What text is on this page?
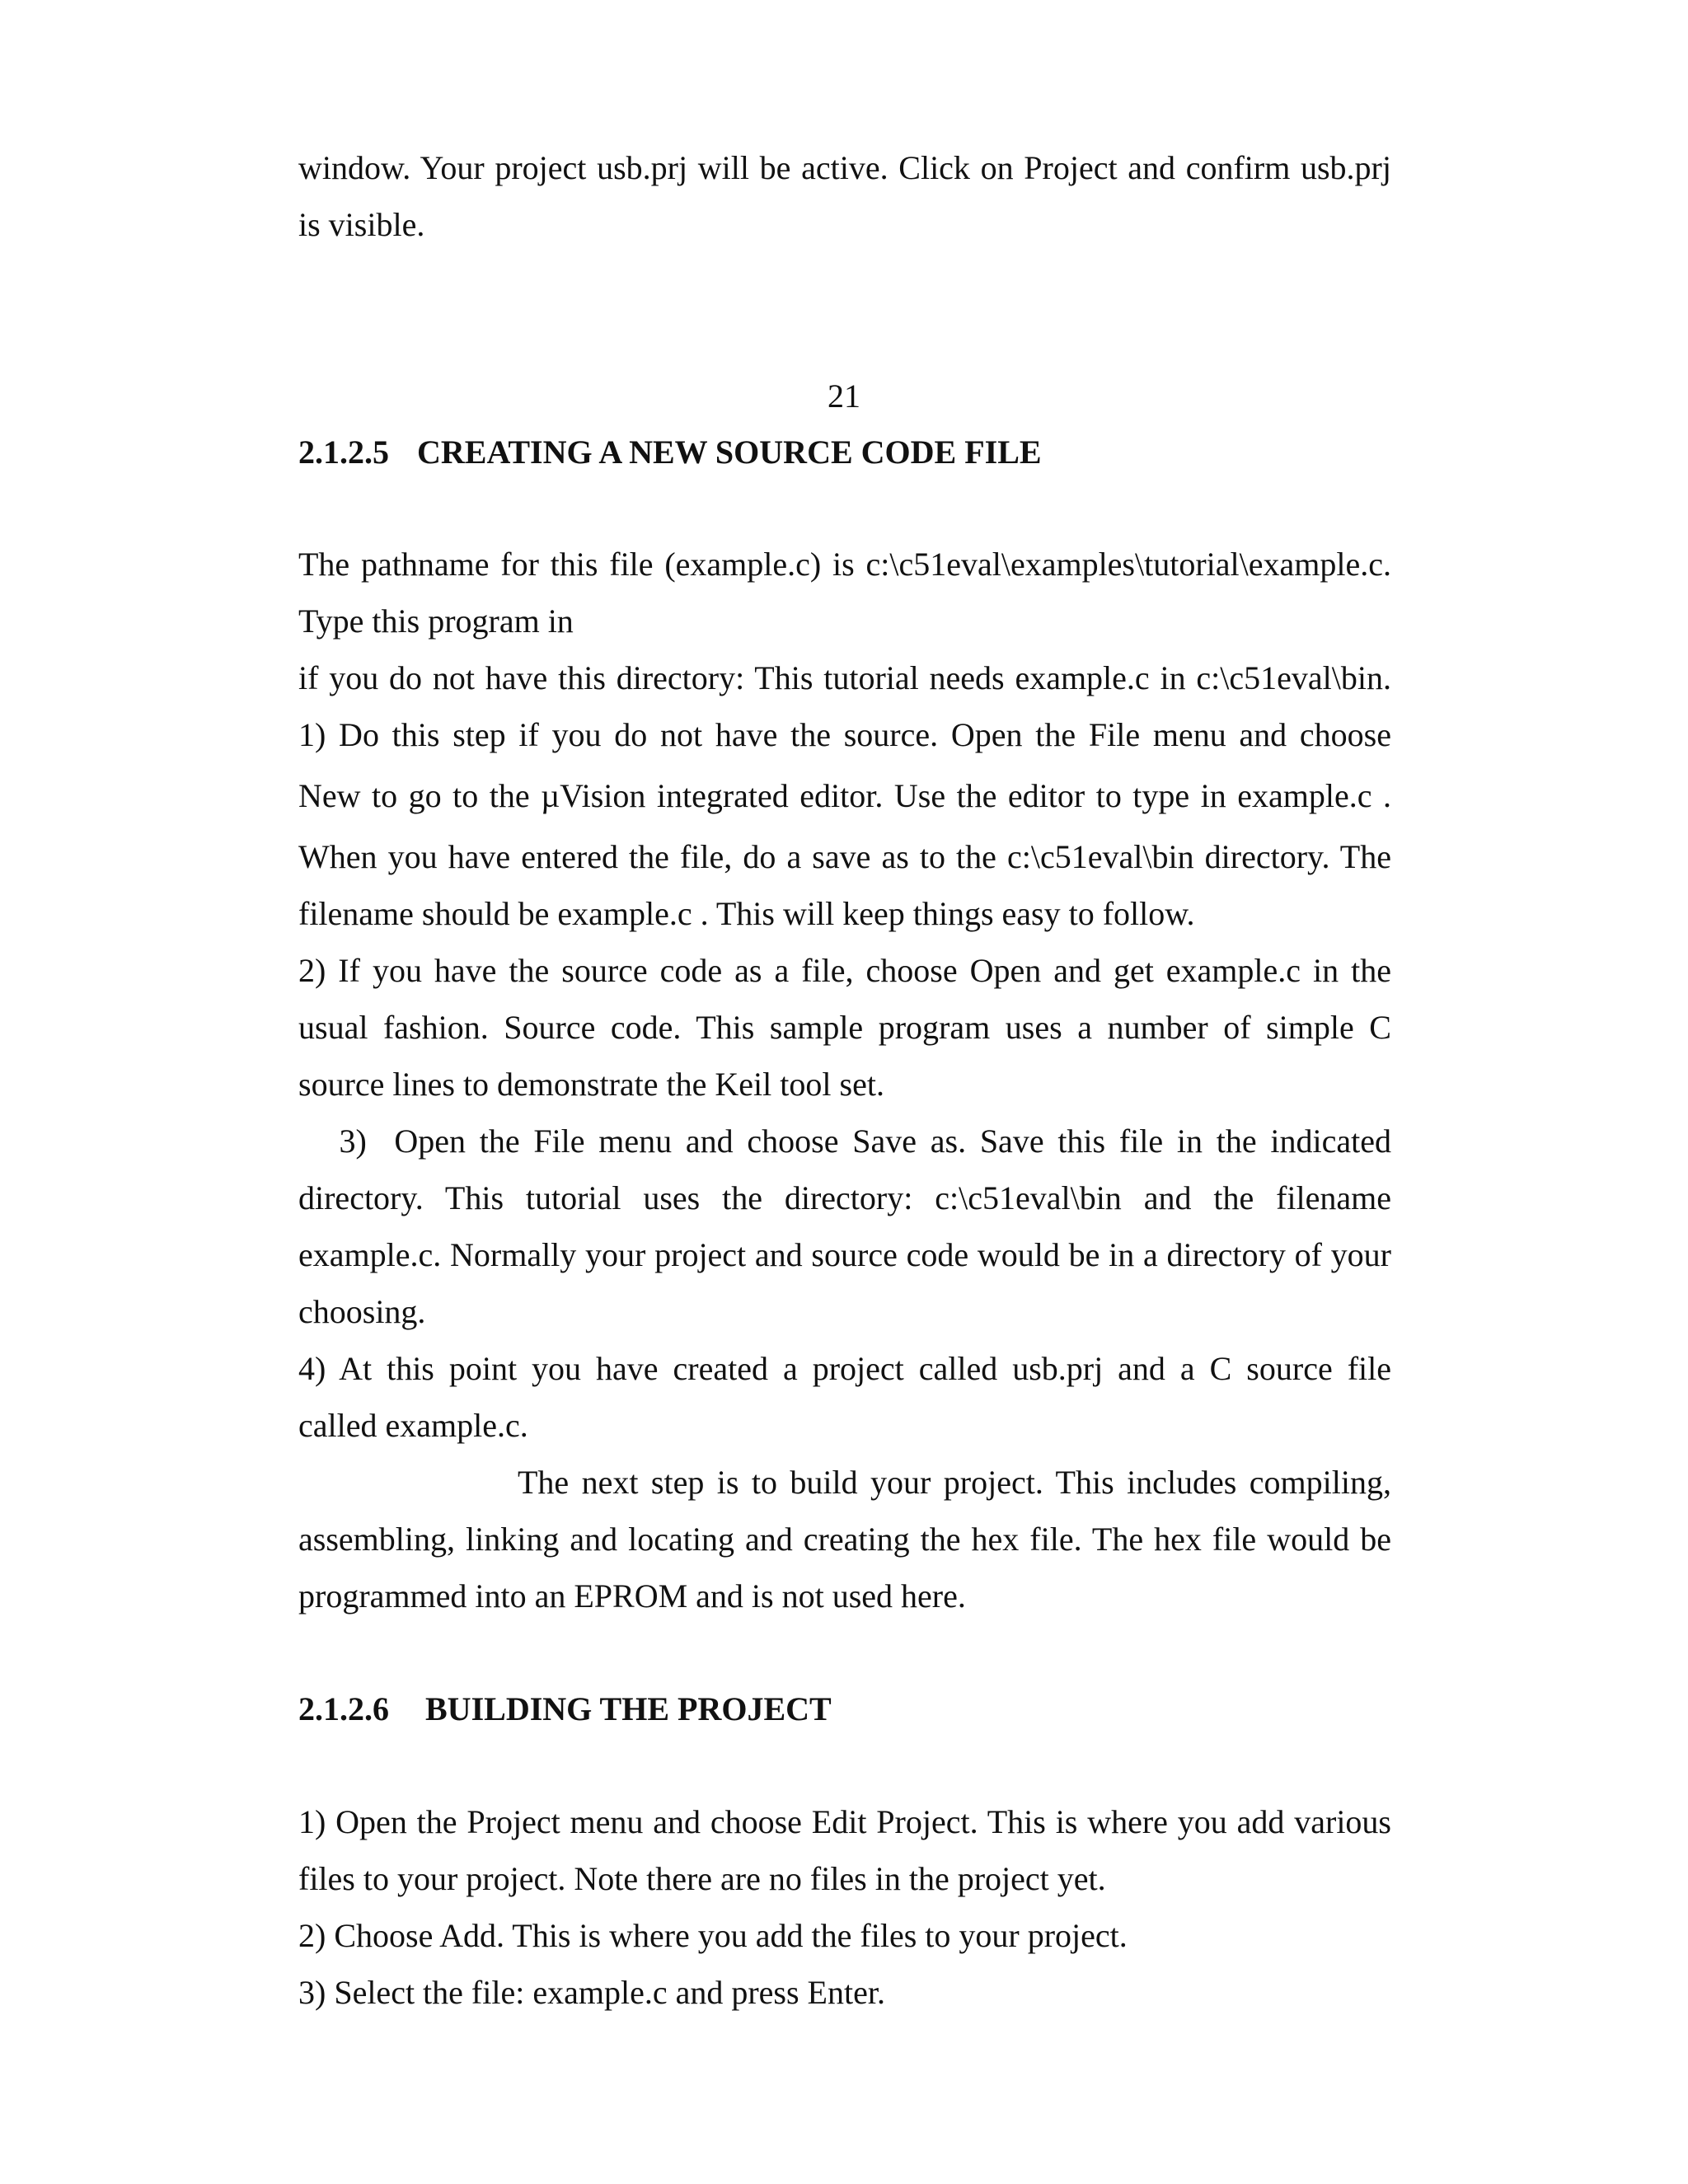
window. Your project usb.prj will be active. Click on Project and confirm usb.prj

is visible.

21

2.1.2.5 CREATING A NEW SOURCE CODE FILE

The pathname for this file (example.c) is c:\c51eval\examples\tutorial\example.c.

Type this program in

if you do not have this directory: This tutorial needs example.c in c:\c51eval\bin.

1) Do this step if you do not have the source. Open the File menu and choose

New to go to the µVision integrated editor. Use the editor to type in example.c .

When you have entered the file, do a save as to the c:\c51eval\bin directory. The

filename should be example.c . This will keep things easy to follow.

2) If you have the source code as a file, choose Open and get example.c in the

usual fashion. Source code. This sample program uses a number of simple C

source lines to demonstrate the Keil tool set.

3)  Open the File menu and choose Save as. Save this file in the indicated

directory. This tutorial uses the directory: c:\c51eval\bin and the filename

example.c. Normally your project and source code would be in a directory of your

choosing.

4) At this point you have created a project called usb.prj and a C source file

called example.c.

The next step is to build your project. This includes compiling,

assembling, linking and locating and creating the hex file. The hex file would be

programmed into an EPROM and is not used here.

2.1.2.6 BUILDING THE PROJECT

1) Open the Project menu and choose Edit Project. This is where you add various

files to your project. Note there are no files in the project yet.

2) Choose Add. This is where you add the files to your project.

3) Select the file: example.c and press Enter.
